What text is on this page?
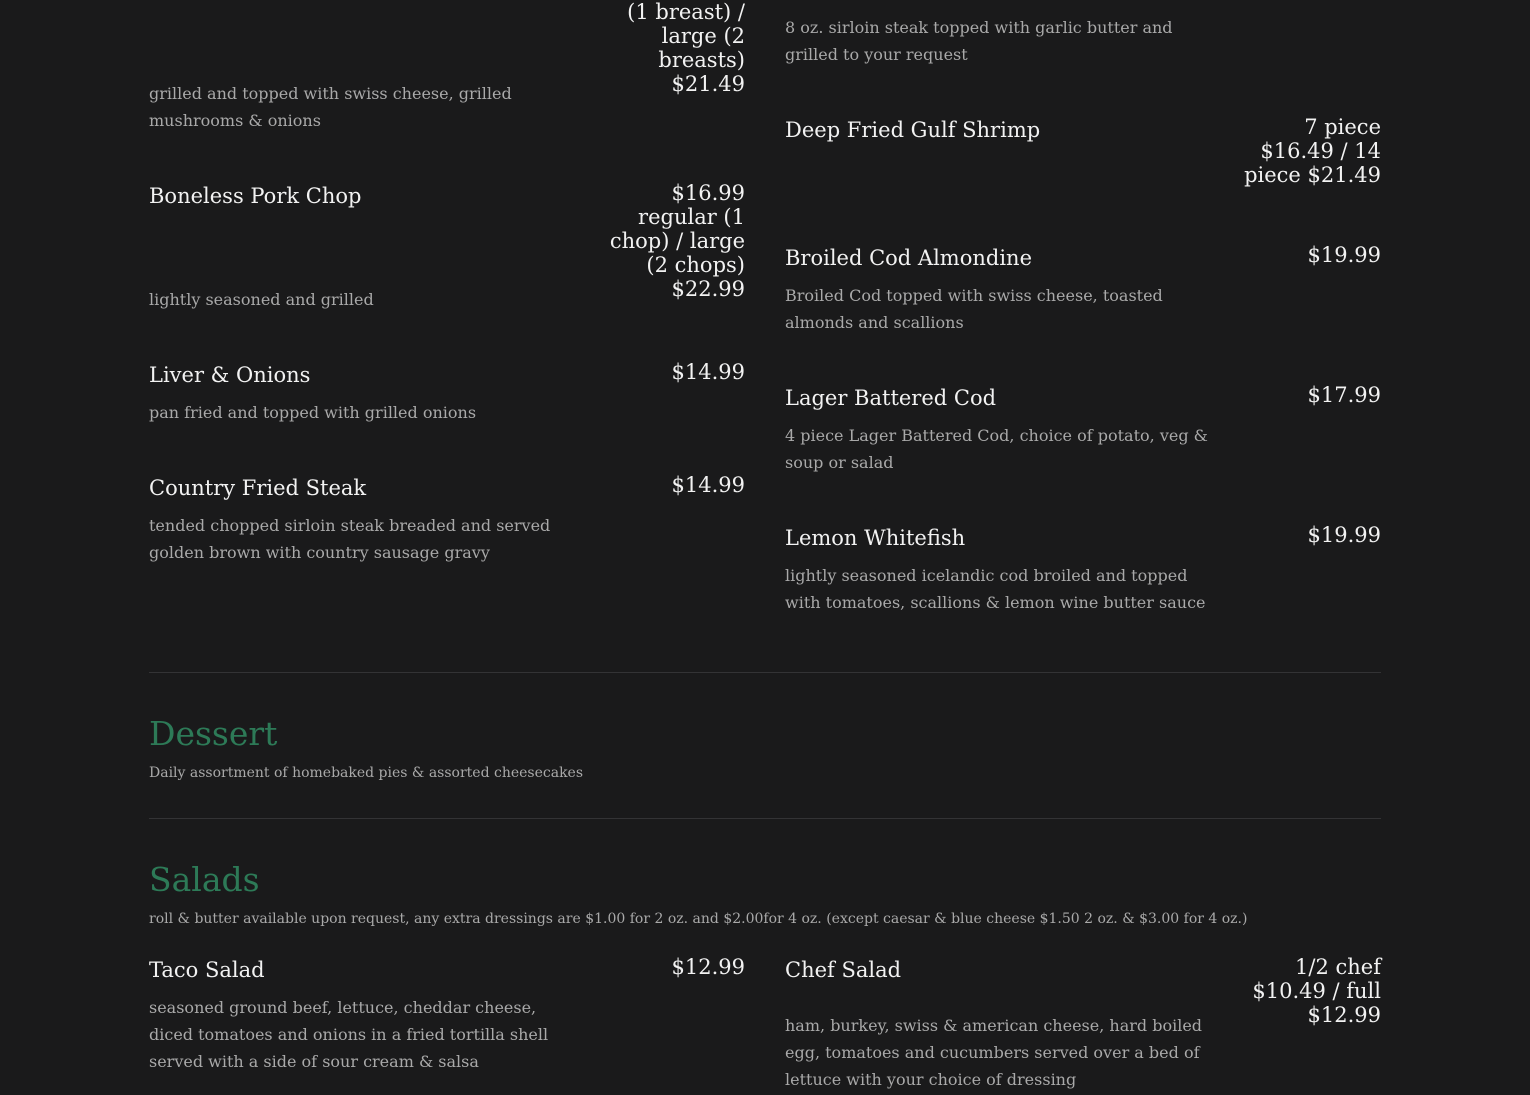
(1 breast) / large (2 breasts) $21.49
grilled and topped with swiss cheese, grilled mushrooms & onions
Boneless Pork Chop	$16.99 regular (1 chop) / large (2 chops) $22.99
lightly seasoned and grilled
Liver & Onions	$14.99
pan fried and topped with grilled onions
Country Fried Steak	$14.99
tended chopped sirloin steak breaded and served golden brown with country sausage gravy
8 oz. sirloin steak topped with garlic butter and grilled to your request
Deep Fried Gulf Shrimp	7 piece $16.49 / 14 piece $21.49
Broiled Cod Almondine	$19.99
Broiled Cod topped with swiss cheese, toasted almonds and scallions
Lager Battered Cod	$17.99
4 piece Lager Battered Cod, choice of potato, veg & soup or salad
Lemon Whitefish	$19.99
lightly seasoned icelandic cod broiled and topped with tomatoes, scallions & lemon wine butter sauce
Dessert
Daily assortment of homebaked pies & assorted cheesecakes
Salads
roll & butter available upon request, any extra dressings are $1.00 for 2 oz. and $2.00for 4 oz. (except caesar & blue cheese $1.50 2 oz. & $3.00 for 4 oz.)
Taco Salad	$12.99
seasoned ground beef, lettuce, cheddar cheese, diced tomatoes and onions in a fried tortilla shell served with a side of sour cream & salsa
Chef Salad	1/2 chef $10.49 / full $12.99
ham, burkey, swiss & american cheese, hard boiled egg, tomatoes and cucumbers served over a bed of lettuce with your choice of dressing
